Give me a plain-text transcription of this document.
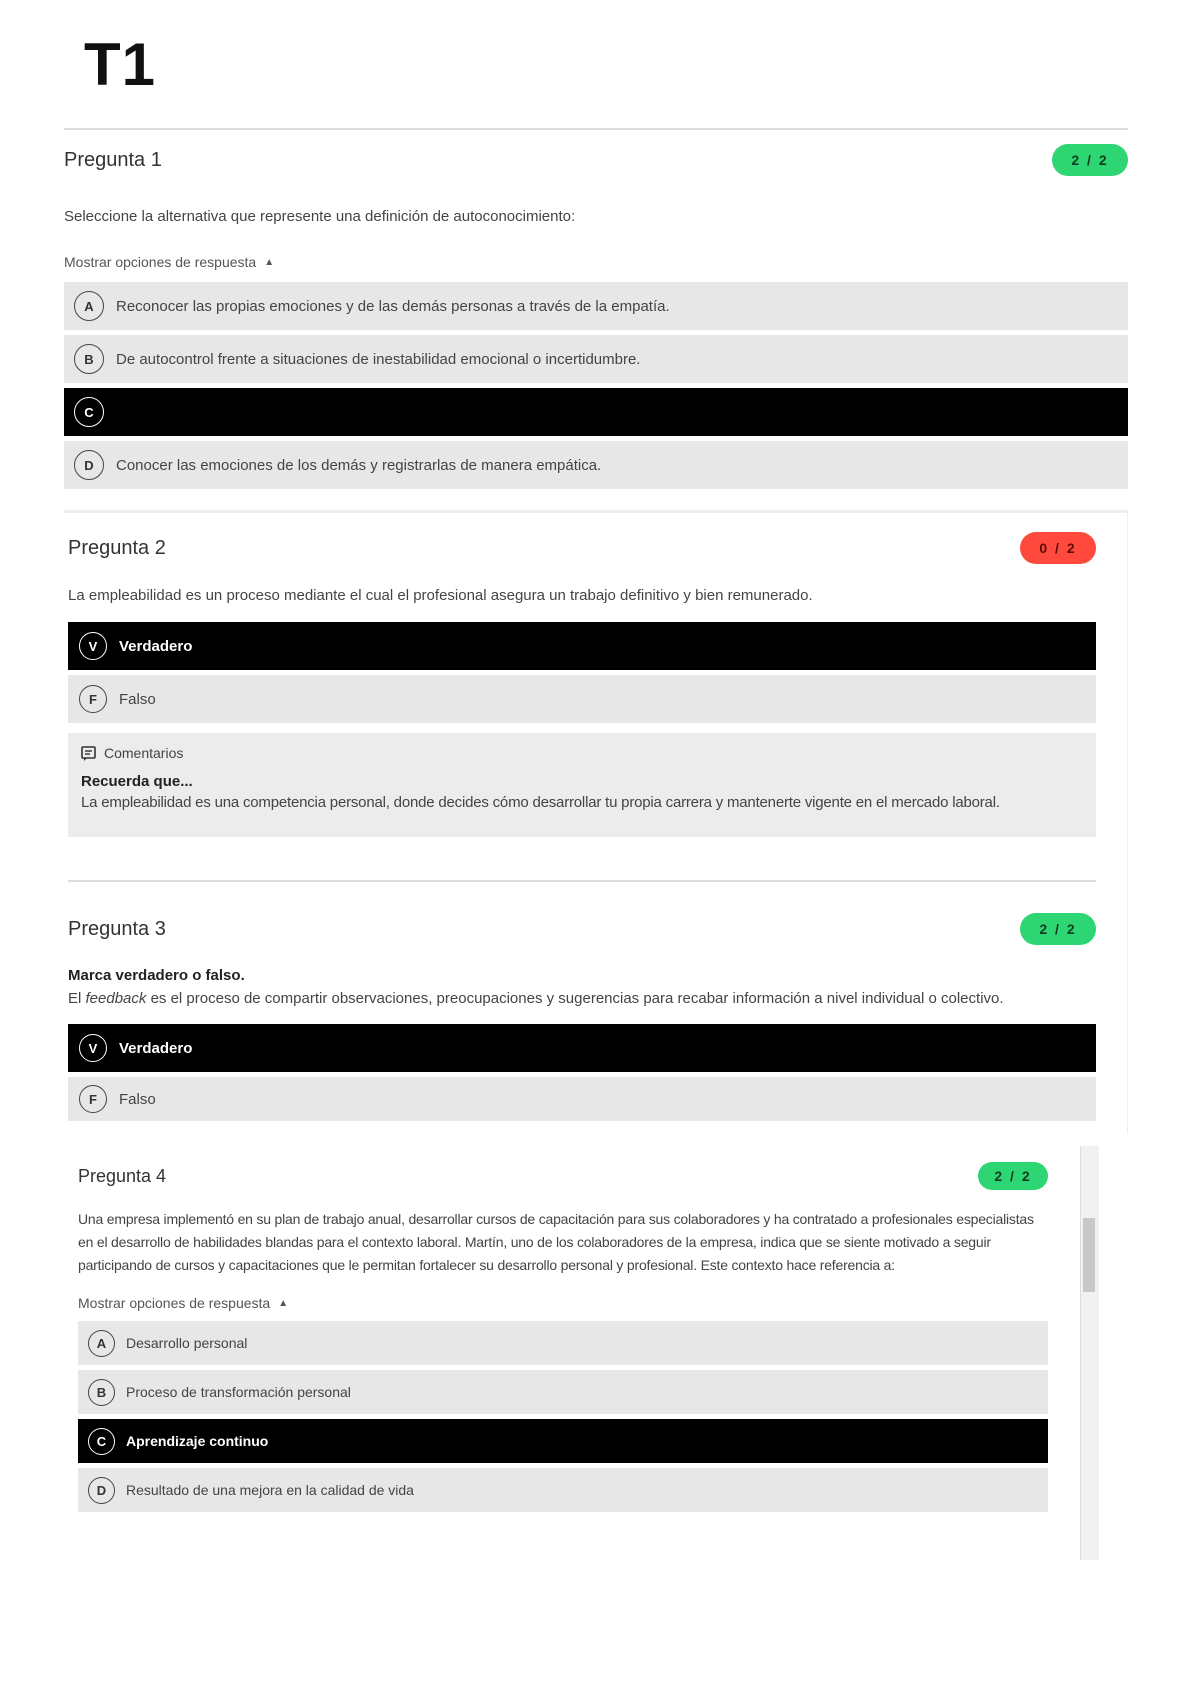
T1
Pregunta 1	2 / 2
Seleccione la alternativa que represente una definición de autoconocimiento:
Mostrar opciones de respuesta ▲
A	Reconocer las propias emociones y de las demás personas a través de la empatía.
B	De autocontrol frente a situaciones de inestabilidad emocional o incertidumbre.
C
D	Conocer las emociones de los demás y registrarlas de manera empática.
Pregunta 2	0 / 2
La empleabilidad es un proceso mediante el cual el profesional asegura un trabajo definitivo y bien remunerado.
V	Verdadero
F	Falso
Comentarios
Recuerda que...
La empleabilidad es una competencia personal, donde decides cómo desarrollar tu propia carrera y mantenerte vigente en el mercado laboral.
Pregunta 3	2 / 2
Marca verdadero o falso.
El feedback es el proceso de compartir observaciones, preocupaciones y sugerencias para recabar información a nivel individual o colectivo.
V	Verdadero
F	Falso
Pregunta 4	2 / 2
Una empresa implementó en su plan de trabajo anual, desarrollar cursos de capacitación para sus colaboradores y ha contratado a profesionales especialistas en el desarrollo de habilidades blandas para el contexto laboral. Martín, uno de los colaboradores de la empresa, indica que se siente motivado a seguir participando de cursos y capacitaciones que le permitan fortalecer su desarrollo personal y profesional. Este contexto hace referencia a:
Mostrar opciones de respuesta ▲
A	Desarrollo personal
B	Proceso de transformación personal
C	Aprendizaje continuo
D	Resultado de una mejora en la calidad de vida
